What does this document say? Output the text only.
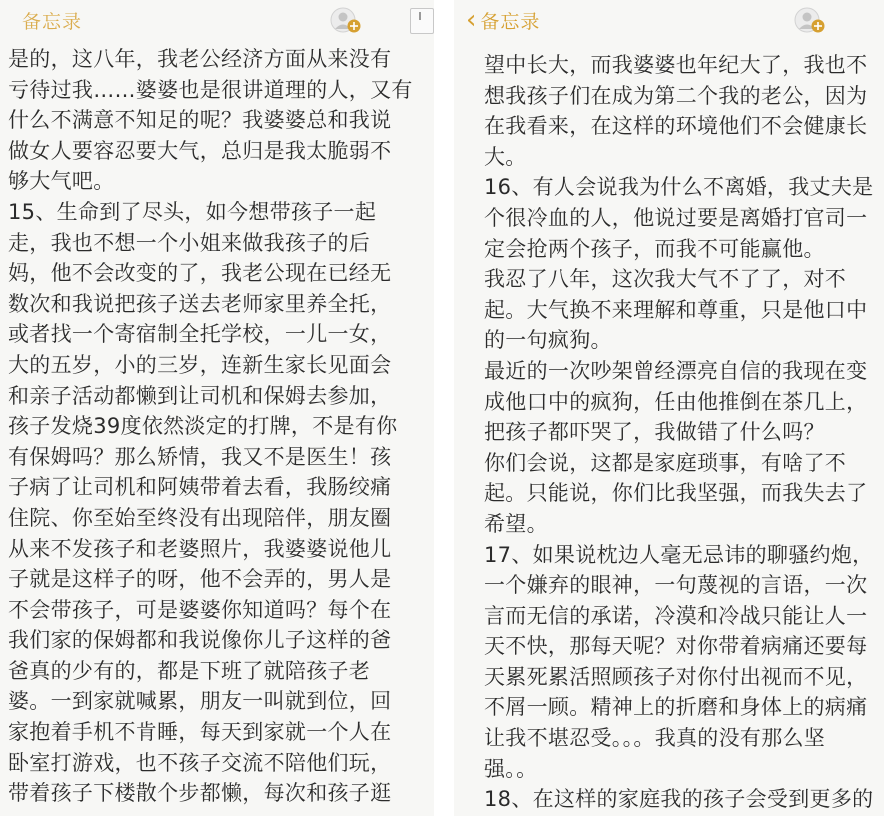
备忘录
是的，这八年，我老公经济方面从来没有
亏待过我……婆婆也是很讲道理的人，又有
什么不满意不知足的呢？我婆婆总和我说
做女人要容忍要大气，总归是我太脆弱不
够大气吧。
15、生命到了尽头，如今想带孩子一起
走，我也不想一个小姐来做我孩子的后
妈，他不会改变的了，我老公现在已经无
数次和我说把孩子送去老师家里养全托，
或者找一个寄宿制全托学校，一儿一女，
大的五岁，小的三岁，连新生家长见面会
和亲子活动都懒到让司机和保姆去参加，
孩子发烧39度依然淡定的打牌，不是有你
有保姆吗？那么矫情，我又不是医生！孩
子病了让司机和阿姨带着去看，我肠绞痛
住院、你至始至终没有出现陪伴，朋友圈
从来不发孩子和老婆照片，我婆婆说他儿
子就是这样子的呀，他不会弄的，男人是
不会带孩子，可是婆婆你知道吗？每个在
我们家的保姆都和我说像你儿子这样的爸
爸真的少有的，都是下班了就陪孩子老
婆。一到家就喊累，朋友一叫就到位，回
家抱着手机不肯睡，每天到家就一个人在
卧室打游戏，也不孩子交流不陪他们玩，
带着孩子下楼散个步都懒，每次和孩子逛
‹ 备忘录
望中长大，而我婆婆也年纪大了，我也不
想我孩子们在成为第二个我的老公，因为
在我看来，在这样的环境他们不会健康长
大。
16、有人会说我为什么不离婚，我丈夫是
个很冷血的人，他说过要是离婚打官司一
定会抢两个孩子，而我不可能赢他。
我忍了八年，这次我大气不了了，对不
起。大气换不来理解和尊重，只是他口中
的一句疯狗。
最近的一次吵架曾经漂亮自信的我现在变
成他口中的疯狗，任由他推倒在茶几上，
把孩子都吓哭了，我做错了什么吗？
你们会说，这都是家庭琐事，有啥了不
起。只能说，你们比我坚强，而我失去了
希望。
17、如果说枕边人毫无忌讳的聊骚约炮，
一个嫌弃的眼神，一句蔑视的言语，一次
言而无信的承诺，冷漠和冷战只能让人一
天不快，那每天呢？对你带着病痛还要每
天累死累活照顾孩子对你付出视而不见，
不屑一顾。精神上的折磨和身体上的病痛
让我不堪忍受。。。我真的没有那么坚
强。。
18、在这样的家庭我的孩子会受到更多的
